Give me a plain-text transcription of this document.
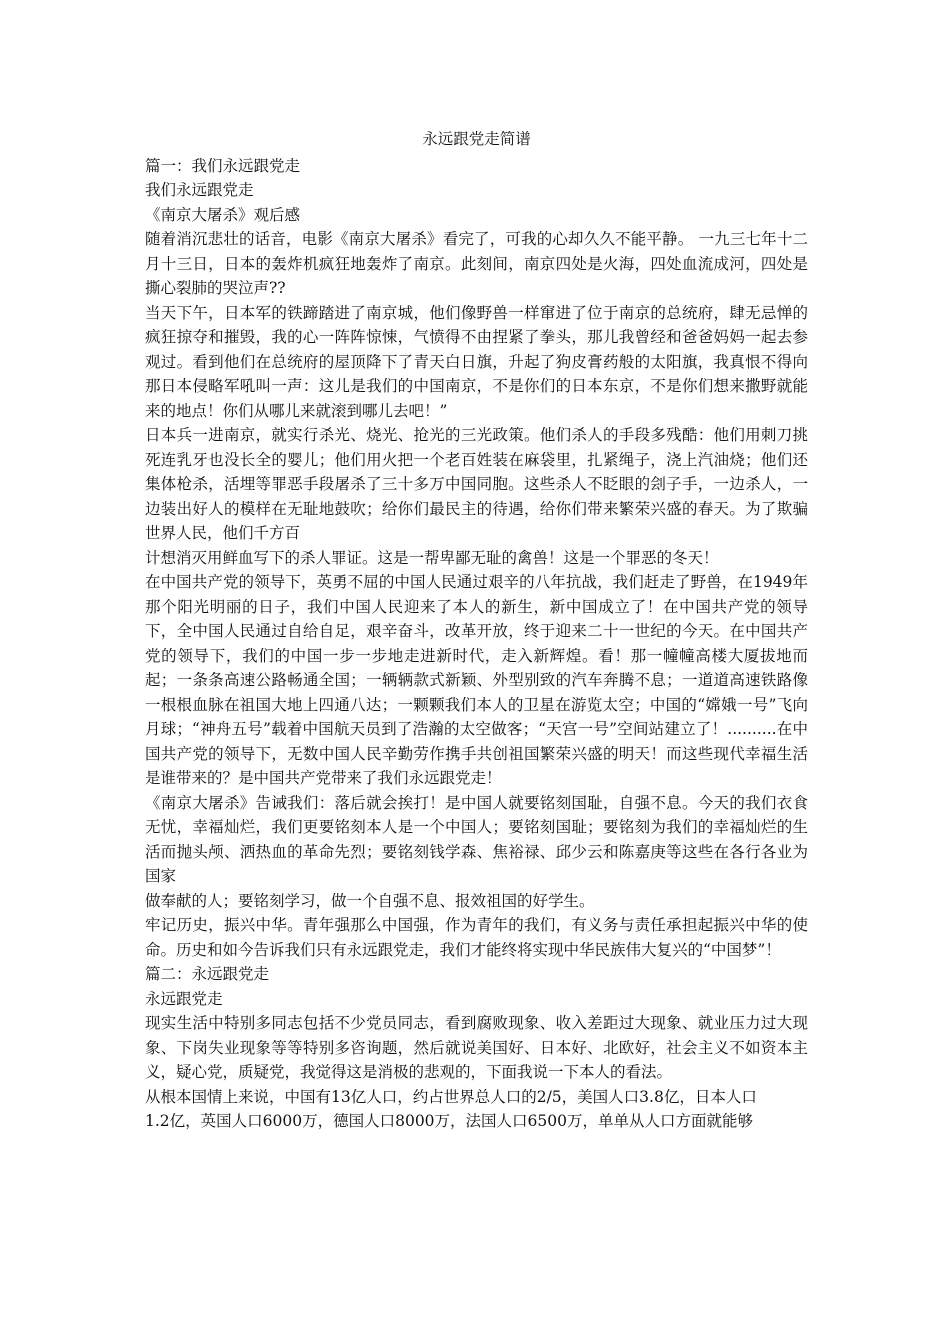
永远跟党走简谱

篇一：我们永远跟党走

我们永远跟党走

《南京大屠杀》观后感

随着消沉悲壮的话音，电影《南京大屠杀》看完了，可我的心却久久不能平静。 一九三七年十二月十三日，日本的轰炸机疯狂地轰炸了南京。此刻间，南京四处是火海，四处血流成河，四处是撕心裂肺的哭泣声??

当天下午，日本军的铁蹄踏进了南京城，他们像野兽一样窜进了位于南京的总统府，肆无忌惮的疯狂掠夺和摧毁，我的心一阵阵惊悚，气愤得不由捏紧了拳头，那儿我曾经和爸爸妈妈一起去参观过。看到他们在总统府的屋顶降下了青天白日旗，升起了狗皮膏药般的太阳旗，我真恨不得向那日本侵略军吼叫一声：这儿是我们的中国南京，不是你们的日本东京，不是你们想来撒野就能来的地点！你们从哪儿来就滚到哪儿去吧！”

日本兵一进南京，就实行杀光、烧光、抢光的三光政策。他们杀人的手段多残酷：他们用刺刀挑死连乳牙也没长全的婴儿；他们用火把一个老百姓装在麻袋里，扎紧绳子，浇上汽油烧；他们还集体枪杀，活埋等罪恶手段屠杀了三十多万中国同胞。这些杀人不眨眼的刽子手，一边杀人，一边装出好人的模样在无耻地鼓吹；给你们最民主的待遇，给你们带来繁荣兴盛的春天。为了欺骗世界人民，他们千方百

计想消灭用鲜血写下的杀人罪证。这是一帮卑鄙无耻的禽兽！这是一个罪恶的冬天！

在中国共产党的领导下，英勇不屈的中国人民通过艰辛的八年抗战，我们赶走了野兽，在1949年那个阳光明丽的日子，我们中国人民迎来了本人的新生，新中国成立了！在中国共产党的领导下，全中国人民通过自给自足，艰辛奋斗，改革开放，终于迎来二十一世纪的今天。在中国共产党的领导下，我们的中国一步一步地走进新时代，走入新辉煌。看！那一幢幢高楼大厦拔地而起；一条条高速公路畅通全国；一辆辆款式新颖、外型别致的汽车奔腾不息；一道道高速铁路像一根根血脉在祖国大地上四通八达；一颗颗我们本人的卫星在游览太空；中国的“嫦娥一号”飞向月球；“神舟五号”载着中国航天员到了浩瀚的太空做客；“天宫一号”空间站建立了！..........在中国共产党的领导下，无数中国人民辛勤劳作携手共创祖国繁荣兴盛的明天！而这些现代幸福生活是谁带来的？是中国共产党带来了我们永远跟党走！

《南京大屠杀》告诫我们：落后就会挨打！是中国人就要铭刻国耻，自强不息。今天的我们衣食无忧，幸福灿烂，我们更要铭刻本人是一个中国人；要铭刻国耻；要铭刻为我们的幸福灿烂的生活而抛头颅、洒热血的革命先烈；要铭刻钱学森、焦裕禄、邱少云和陈嘉庚等这些在各行各业为国家

做奉献的人；要铭刻学习，做一个自强不息、报效祖国的好学生。

牢记历史，振兴中华。青年强那么中国强，作为青年的我们，有义务与责任承担起振兴中华的使命。历史和如今告诉我们只有永远跟党走，我们才能终将实现中华民族伟大复兴的“中国梦”！

篇二：永远跟党走

永远跟党走

现实生活中特别多同志包括不少党员同志，看到腐败现象、收入差距过大现象、就业压力过大现象、下岗失业现象等等特别多咨询题，然后就说美国好、日本好、北欧好，社会主义不如资本主义，疑心党，质疑党，我觉得这是消极的悲观的，下面我说一下本人的看法。

从根本国情上来说，中国有13亿人口，约占世界总人口的2/5，美国人口3.8亿，日本人口

1.2亿，英国人口6000万，德国人口8000万，法国人口6500万，单单从人口方面就能够
